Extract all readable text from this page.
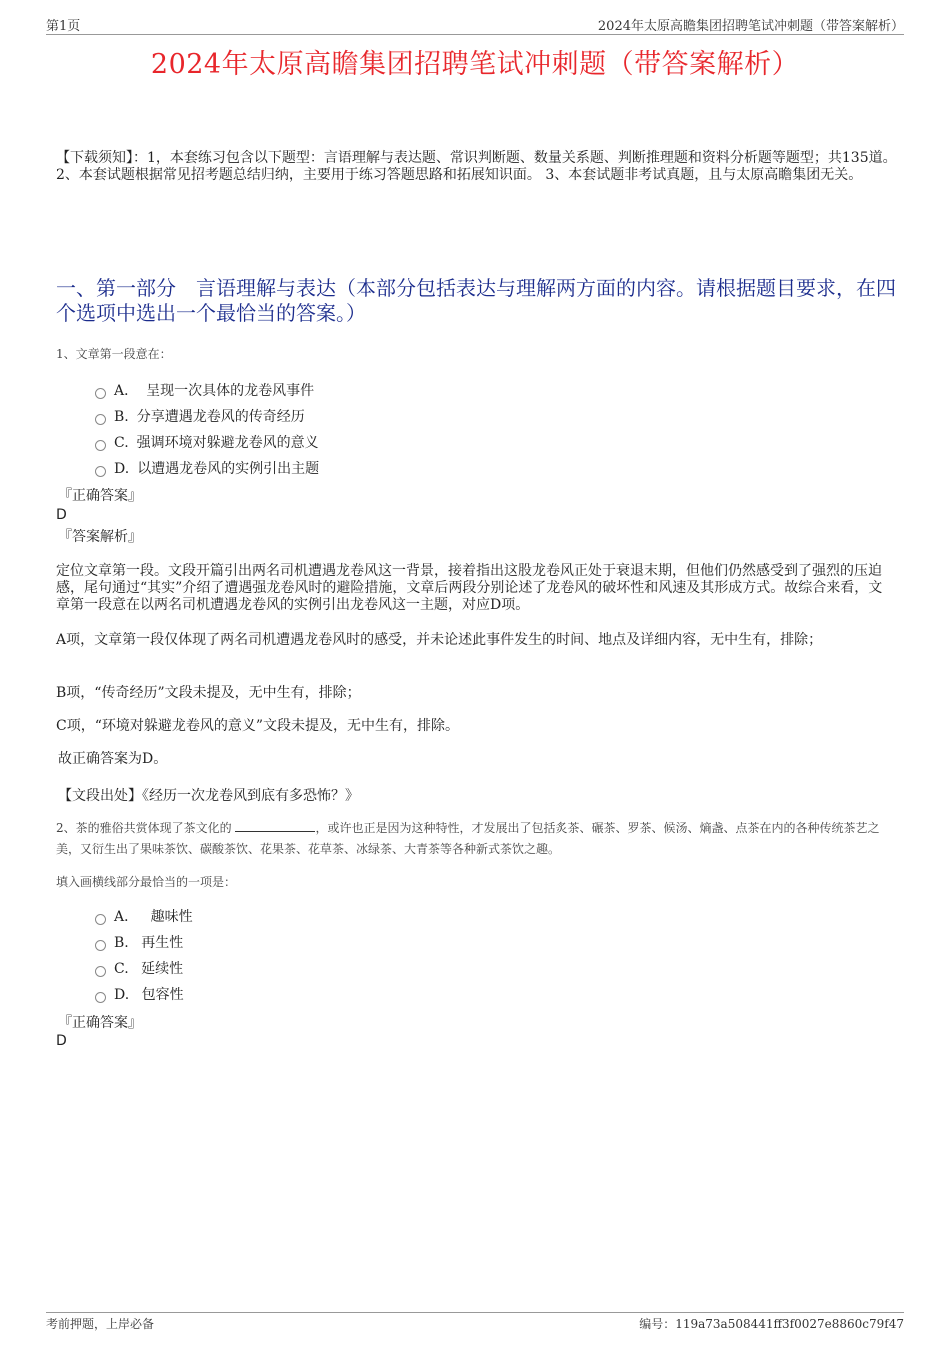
第1页	2024年太原高瞻集团招聘笔试冲刺题（带答案解析）
2024年太原高瞻集团招聘笔试冲刺题（带答案解析）
【下载须知】：1，本套练习包含以下题型：言语理解与表达题、常识判断题、数量关系题、判断推理题和资料分析题等题型；共135道。 2、本套试题根据常见招考题总结归纳，主要用于练习答题思路和拓展知识面。 3、本套试题非考试真题，且与太原高瞻集团无关。
一、第一部分　言语理解与表达（本部分包括表达与理解两方面的内容。请根据题目要求，在四个选项中选出一个最恰当的答案。）
1、文章第一段意在：
A． 呈现一次具体的龙卷风事件
B. 分享遭遇龙卷风的传奇经历
C. 强调环境对躲避龙卷风的意义
D. 以遭遇龙卷风的实例引出主题
『正确答案』
D
『答案解析』
定位文章第一段。文段开篇引出两名司机遭遇龙卷风这一背景，接着指出这股龙卷风正处于衰退末期，但他们仍然感受到了强烈的压迫感，尾句通过“其实”介绍了遭遇强龙卷风时的避险措施，文章后两段分别论述了龙卷风的破坏性和风速及其形成方式。故综合来看，文章第一段意在以两名司机遭遇龙卷风的实例引出龙卷风这一主题，对应D项。
A项，文章第一段仅体现了两名司机遭遇龙卷风时的感受，并未论述此事件发生的时间、地点及详细内容，无中生有，排除；
B项，“传奇经历”文段未提及，无中生有，排除；
C项，“环境对躲避龙卷风的意义”文段未提及，无中生有，排除。
故正确答案为D。
【文段出处】《经历一次龙卷风到底有多恐怖？》
2、茶的雅俗共赏体现了茶文化的	，或许也正是因为这种特性，才发展出了包括炙茶、碾茶、罗茶、候汤、熵盏、点茶在内的各种传统茶艺之美，又衍生出了果味茶饮、碳酸茶饮、花果茶、花草茶、冰绿茶、大青茶等各种新式茶饮之趣。
填入画横线部分最恰当的一项是：
A． 趣味性
B. 再生性
C. 延续性
D. 包容性
『正确答案』
D
考前押题，上岸必备	编号：119a73a508441ff3f0027e8860c79f47
